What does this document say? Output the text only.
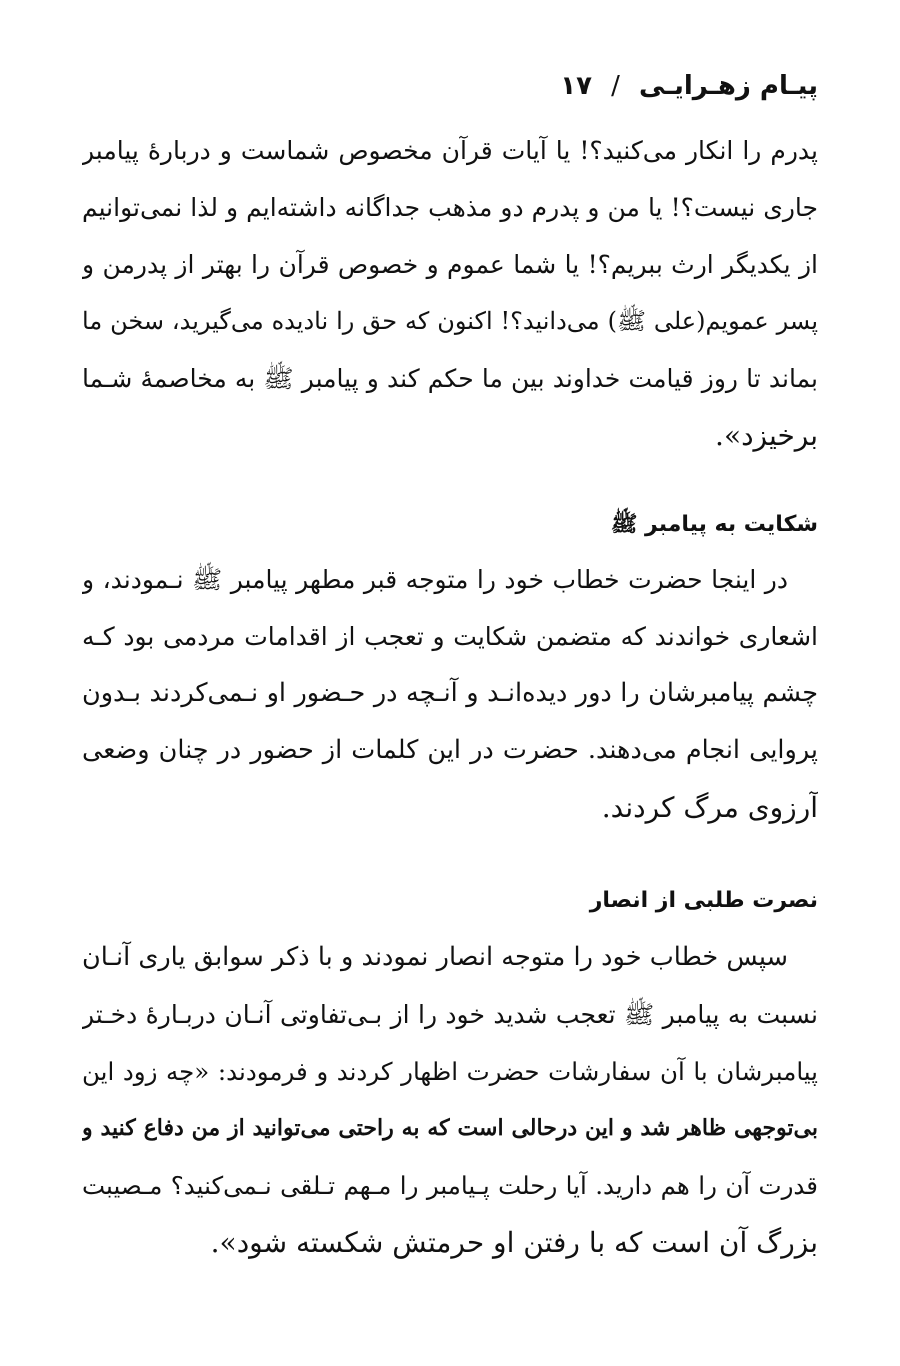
پیـام زهـرایـی / ۱۷
پدرم را انکار می‌کنید؟! یا آیات قرآن مخصوص شماست و دربارهٔ پیامبر
جاری نیست؟! یا من و پدرم دو مذهب جداگانه داشته‌ایم و لذا نمی‌توانیم
از یکدیگر ارث ببریم؟! یا شما عموم و خصوص قرآن را بهتر از پدرمن و
پسر عمویم(علی ﷺ) می‌دانید؟! اکنون که حق را نادیده می‌گیرید، سخن ما
بماند تا روز قیامت خداوند بین ما حکم کند و پیامبر ﷺ به مخاصمهٔ شـما
برخیزد».
شکایت به پیامبر ﷺ
در اینجا حضرت خطاب خود را متوجه قبر مطهر پیامبر ﷺ نـمودند، و
اشعاری خواندند که متضمن شکایت و تعجب از اقدامات مردمی بود کـه
چشم پیامبرشان را دور دیده‌انـد و آنـچه در حـضور او نـمی‌کردند بـدون
پروایی انجام می‌دهند. حضرت در این کلمات از حضور در چنان وضعی
آرزوی مرگ کردند.
نصرت طلبی از انصار
سپس خطاب خود را متوجه انصار نمودند و با ذکر سوابق یاری آنـان
نسبت به پیامبر ﷺ تعجب شدید خود را از بـی‌تفاوتی آنـان دربـارهٔ دخـتر
پیامبرشان با آن سفارشات حضرت اظهار کردند و فرمودند: «چه زود این
بی‌توجهی ظاهر شد و این درحالی است که به راحتی می‌توانید از من دفاع کنید و
قدرت آن را هم دارید. آیا رحلت پـیامبر را مـهم تـلقی نـمی‌کنید؟ مـصیبت
بزرگ آن است که با رفتن او حرمتش شکسته شود».
